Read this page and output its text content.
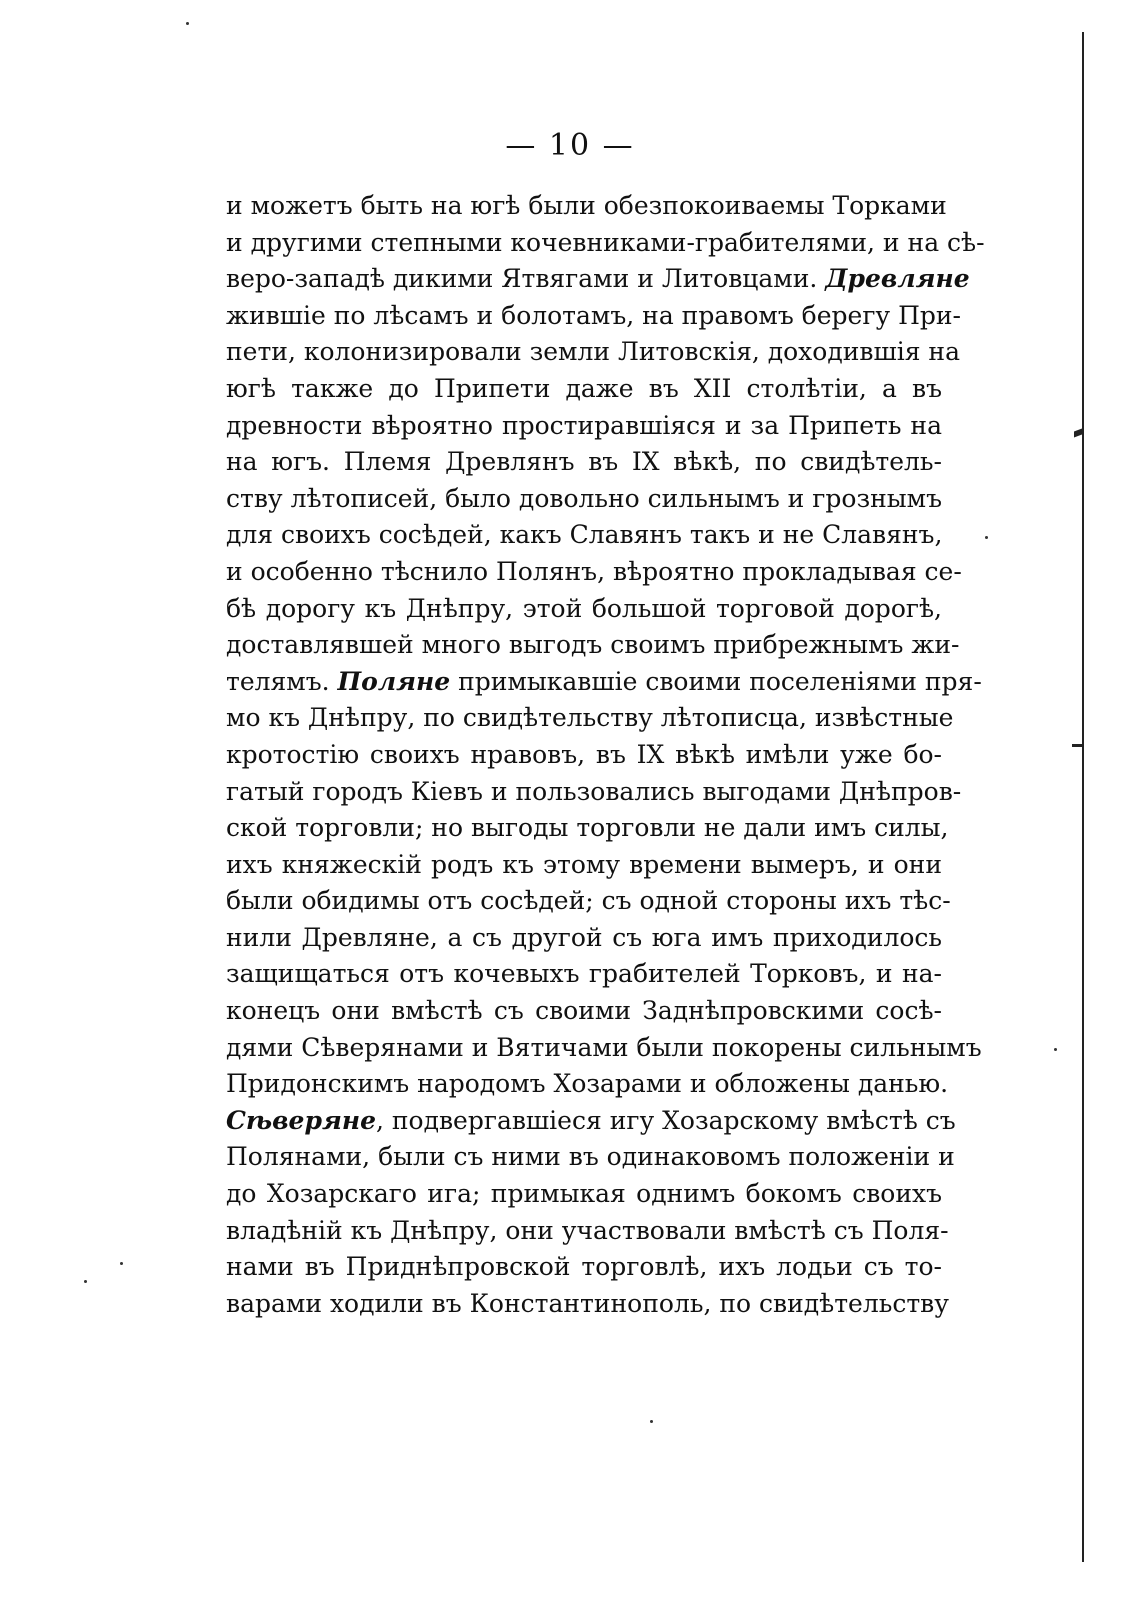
— 10 —
и можетъ быть на югѣ были обезпокоиваемы Торками
и другими степными кочевниками-грабителями, и на сѣ-
веро-западѣ дикими Ятвягами и Литовцами. Древляне
жившіе по лѣсамъ и болотамъ, на правомъ берегу При-
пети, колонизировали земли Литовскія, доходившія на
югѣ также до Припети даже въ XII столѣтіи, а въ
древности вѣроятно простиравшіяся и за Припеть на
на югъ. Племя Древлянъ въ IX вѣкѣ, по свидѣтель-
ству лѣтописей, было довольно сильнымъ и грознымъ
для своихъ сосѣдей, какъ Славянъ такъ и не Славянъ,
и особенно тѣснило Полянъ, вѣроятно прокладывая се-
бѣ дорогу къ Днѣпру, этой большой торговой дорогѣ,
доставлявшей много выгодъ своимъ прибрежнымъ жи-
телямъ. Поляне примыкавшіе своими поселеніями пря-
мо къ Днѣпру, по свидѣтельству лѣтописца, извѣстные
кротостію своихъ нравовъ, въ IX вѣкѣ имѣли уже бо-
гатый городъ Кіевъ и пользовались выгодами Днѣпров-
ской торговли; но выгоды торговли не дали имъ силы,
ихъ княжескій родъ къ этому времени вымеръ, и они
были обидимы отъ сосѣдей; съ одной стороны ихъ тѣс-
нили Древляне, а съ другой съ юга имъ приходилось
защищаться отъ кочевыхъ грабителей Торковъ, и на-
конецъ они вмѣстѣ съ своими Заднѣпровскими сосѣ-
дями Сѣверянами и Вятичами были покорены сильнымъ
Придонскимъ народомъ Хозарами и обложены данью.
Сѣверяне, подвергавшіеся игу Хозарскому вмѣстѣ съ
Полянами, были съ ними въ одинаковомъ положеніи и
до Хозарскаго ига; примыкая однимъ бокомъ своихъ
владѣній къ Днѣпру, они участвовали вмѣстѣ съ Поля-
нами въ Приднѣпровской торговлѣ, ихъ лодьи съ то-
варами ходили въ Константинополь, по свидѣтельству
